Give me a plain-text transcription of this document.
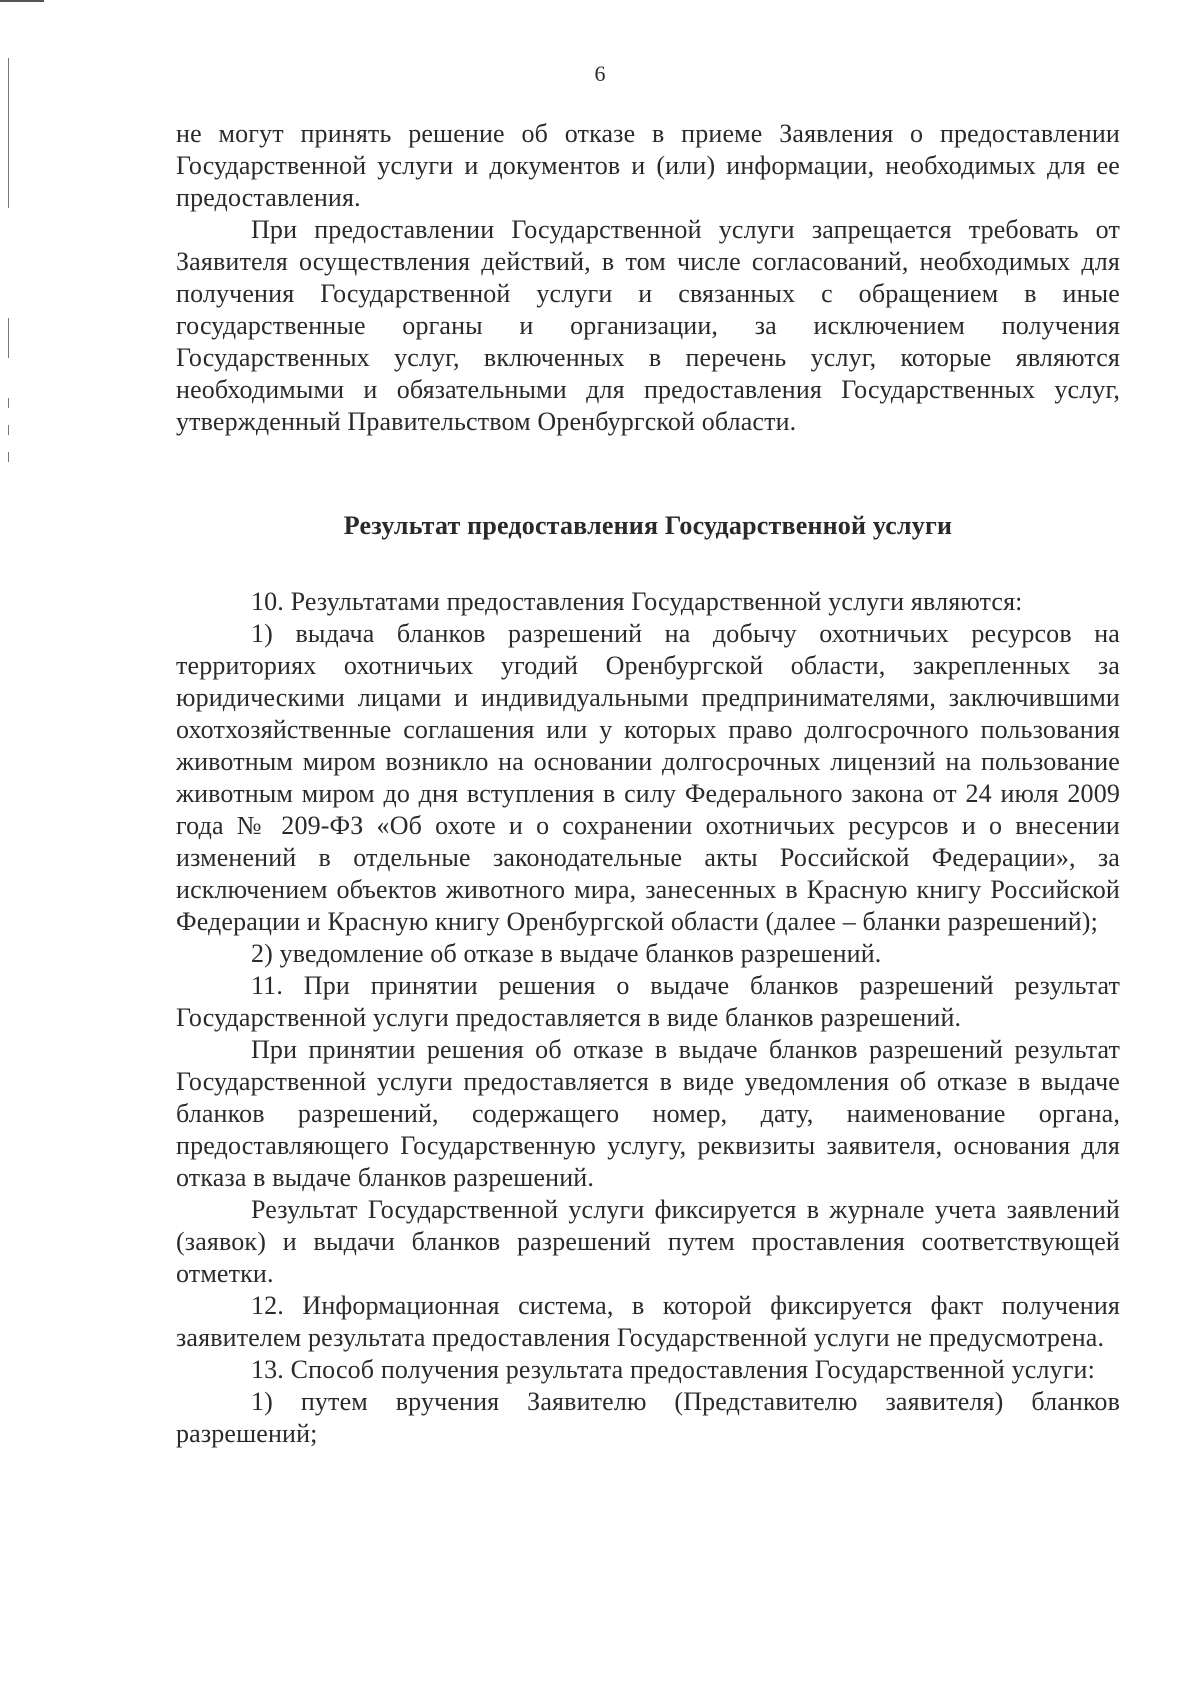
6

не могут принять решение об отказе в приеме Заявления о предоставлении Государственной услуги и документов и (или) информации, необходимых для ее предоставления.

При предоставлении Государственной услуги запрещается требовать от Заявителя осуществления действий, в том числе согласований, необходимых для получения Государственной услуги и связанных с обращением в иные государственные органы и организации, за исключением получения Государственных услуг, включенных в перечень услуг, которые являются необходимыми и обязательными для предоставления Государственных услуг, утвержденный Правительством Оренбургской области.

Результат предоставления Государственной услуги

10. Результатами предоставления Государственной услуги являются:

1) выдача бланков разрешений на добычу охотничьих ресурсов на территориях охотничьих угодий Оренбургской области, закрепленных за юридическими лицами и индивидуальными предпринимателями, заключившими охотхозяйственные соглашения или у которых право долгосрочного пользования животным миром возникло на основании долгосрочных лицензий на пользование животным миром до дня вступления в силу Федерального закона от 24 июля 2009 года № 209-ФЗ «Об охоте и о сохранении охотничьих ресурсов и о внесении изменений в отдельные законодательные акты Российской Федерации», за исключением объектов животного мира, занесенных в Красную книгу Российской Федерации и Красную книгу Оренбургской области (далее – бланки разрешений);

2) уведомление об отказе в выдаче бланков разрешений.

11. При принятии решения о выдаче бланков разрешений результат Государственной услуги предоставляется в виде бланков разрешений.

При принятии решения об отказе в выдаче бланков разрешений результат Государственной услуги предоставляется в виде уведомления об отказе в выдаче бланков разрешений, содержащего номер, дату, наименование органа, предоставляющего Государственную услугу, реквизиты заявителя, основания для отказа в выдаче бланков разрешений.

Результат Государственной услуги фиксируется в журнале учета заявлений (заявок) и выдачи бланков разрешений путем проставления соответствующей отметки.

12. Информационная система, в которой фиксируется факт получения заявителем результата предоставления Государственной услуги не предусмотрена.

13. Способ получения результата предоставления Государственной услуги:

1) путем вручения Заявителю (Представителю заявителя) бланков разрешений;
